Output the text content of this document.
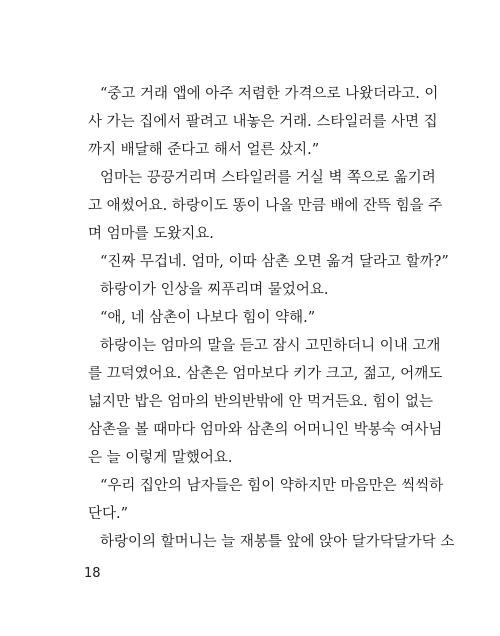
“중고 거래 앱에 아주 저렴한 가격으로 나왔더라고. 이
사 가는 집에서 팔려고 내놓은 거래. 스타일러를 사면 집
까지 배달해 준다고 해서 얼른 샀지.”
엄마는 끙끙거리며 스타일러를 거실 벽 쪽으로 옮기려
고 애썼어요. 하랑이도 똥이 나올 만큼 배에 잔뜩 힘을 주
며 엄마를 도왔지요.
“진짜 무겁네. 엄마, 이따 삼촌 오면 옮겨 달라고 할까?”
하랑이가 인상을 찌푸리며 물었어요.
“애, 네 삼촌이 나보다 힘이 약해.”
하랑이는 엄마의 말을 듣고 잠시 고민하더니 이내 고개
를 끄덕였어요. 삼촌은 엄마보다 키가 크고, 젊고, 어깨도
넓지만 밥은 엄마의 반의반밖에 안 먹거든요. 힘이 없는
삼촌을 볼 때마다 엄마와 삼촌의 어머니인 박봉숙 여사님
은 늘 이렇게 말했어요.
“우리 집안의 남자들은 힘이 약하지만 마음만은 씩씩하
단다.”
하랑이의 할머니는 늘 재봉틀 앞에 앉아 달가닥달가닥 소
18
